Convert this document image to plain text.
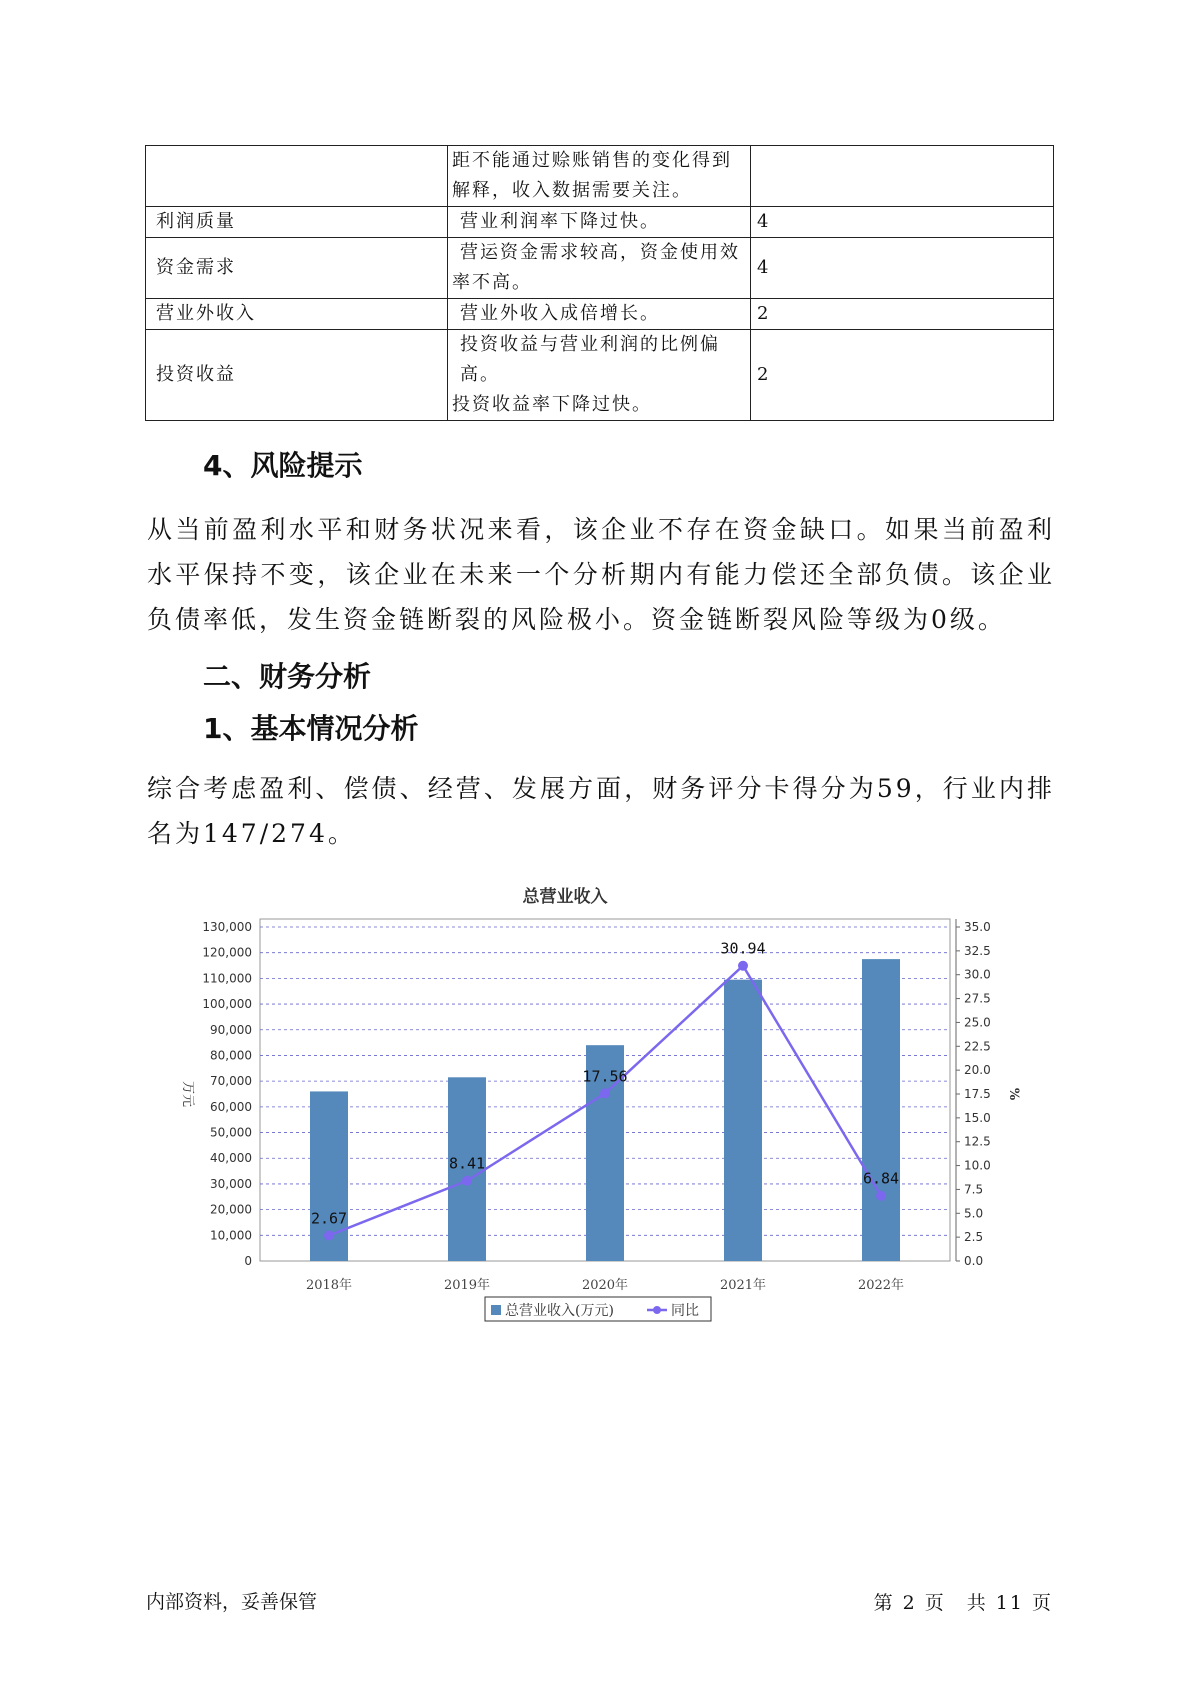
	距不能通过赊账销售的变化得到
解释，收入数据需要关注。	

利润质量	营业利润率下降过快。	4
资金需求	营运资金需求较高，资金使用效
率不高。	4
营业外收入	营业外收入成倍增长。	2
投资收益	投资收益与营业利润的比例偏高。
投资收益率下降过快。	2
4、风险提示
从当前盈利水平和财务状况来看，该企业不存在资金缺口。如果当前盈利水平保持不变，该企业在未来一个分析期内有能力偿还全部负债。该企业负债率低，发生资金链断裂的风险极小。资金链断裂风险等级为0级。
二、财务分析
1、基本情况分析
综合考虑盈利、偿债、经营、发展方面，财务评分卡得分为59，行业内排名为147/274。
总营业收入
0
10,000
20,000
30,000
40,000
50,000
60,000
70,000
80,000
90,000
100,000
110,000
120,000
130,000
0.0
2.5
5.0
7.5
10.0
12.5
15.0
17.5
20.0
22.5
25.0
27.5
30.0
32.5
35.0
万元	%
2018年	2019年	2020年	2021年	2022年
2.67
8.41
17.56
30.94
6.84
总营业收入(万元)	同比
内部资料，妥善保管	第 2 页　共 11 页
